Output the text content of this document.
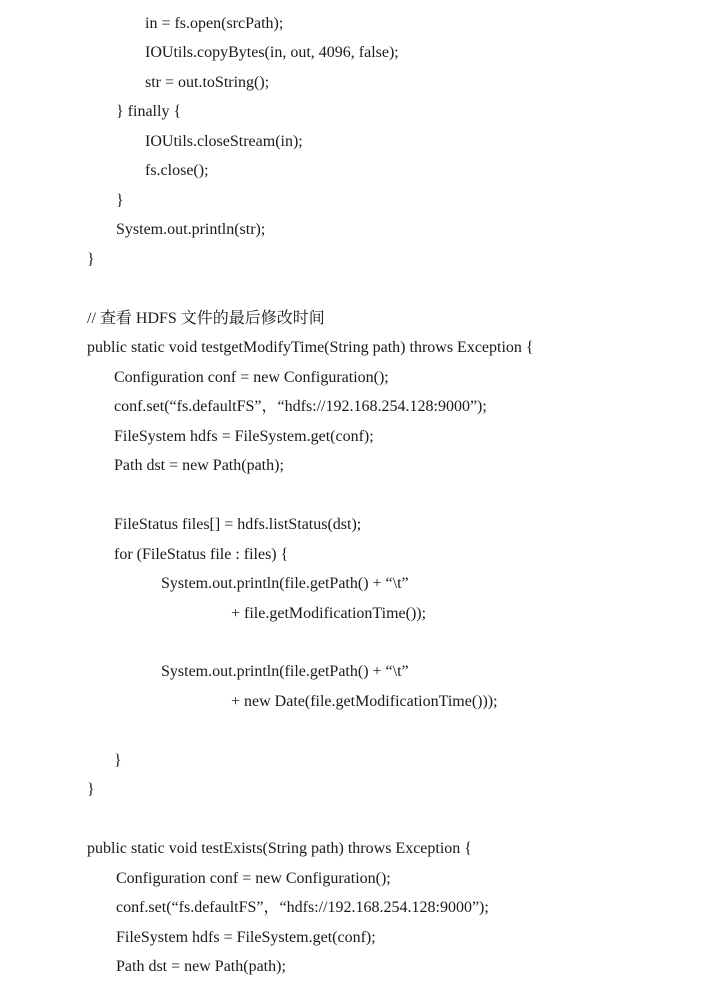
in = fs.open(srcPath);
IOUtils.copyBytes(in, out, 4096, false);
str = out.toString();
} finally {
IOUtils.closeStream(in);
fs.close();
}
System.out.println(str);
}
// 查看 HDFS 文件的最后修改时间
public static void testgetModifyTime(String path) throws Exception {
Configuration conf = new Configuration();
conf.set(“fs.defaultFS”，“hdfs://192.168.254.128:9000”);
FileSystem hdfs = FileSystem.get(conf);
Path dst = new Path(path);
FileStatus files[] = hdfs.listStatus(dst);
for (FileStatus file : files) {
System.out.println(file.getPath() + “\t”
+ file.getModificationTime());
System.out.println(file.getPath() + “\t”
+ new Date(file.getModificationTime()));
}
}
public static void testExists(String path) throws Exception {
Configuration conf = new Configuration();
conf.set(“fs.defaultFS”，“hdfs://192.168.254.128:9000”);
FileSystem hdfs = FileSystem.get(conf);
Path dst = new Path(path);
